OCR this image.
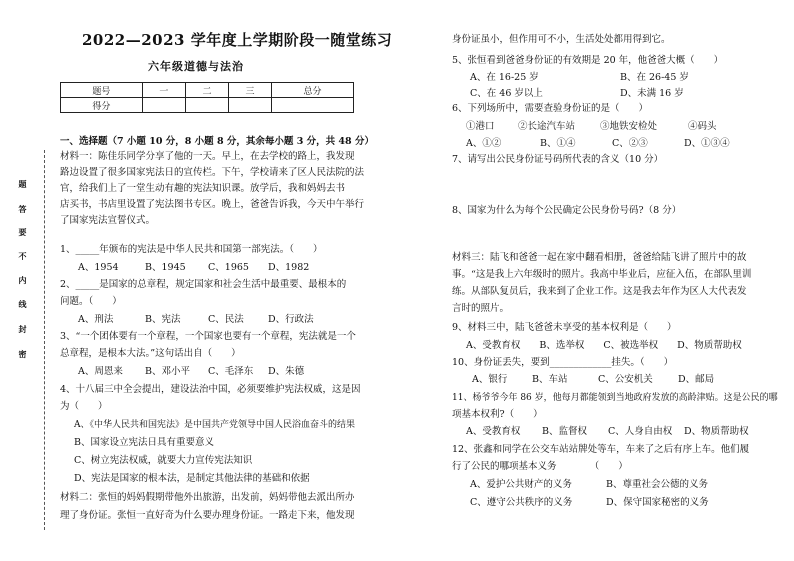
题
答
要
不
内
线
封
密
2022—2023 学年度上学期阶段一随堂练习
六年级道德与法治
题号	一	二	三	总分
得分				
一、选择题（7 小题 10 分，8 小题 8 分，其余每小题 3 分，共 48 分）
材料一：陈佳乐同学分享了他的一天。早上，在去学校的路上，我发现
路边设置了很多国家宪法日的宣传栏。下午，学校请来了区人民法院的法
官，给我们上了一堂生动有趣的宪法知识课。放学后，我和妈妈去书
店买书，书店里设置了宪法图书专区。晚上，爸爸告诉我，今天中午举行
了国家宪法宣誓仪式。
1、_____年颁布的宪法是中华人民共和国第一部宪法。（　　）
A、1954	B、1945 C、1965 D、1982
2、_____是国家的总章程，规定国家和社会生活中最重要、最根本的
问题。（　　）
A、刑法	B、宪法	C、民法	D、行政法
3、“一个团体要有一个章程，一个国家也要有一个章程，宪法就是一个
总章程，是根本大法。”这句话出自（　　）
A、周恩来 B、邓小平 C、毛泽东 D、朱德
4、十八届三中全会提出，建设法治中国，必须要维护宪法权威，这是因
为（　　）
A、《中华人民共和国宪法》是中国共产党领导中国人民浴血奋斗的结果
B、国家设立宪法日具有重要意义
C、树立宪法权威，就要大力宣传宪法知识
D、宪法是国家的根本法，是制定其他法律的基础和依据
材料二：张恒的妈妈假期带他外出旅游，出发前，妈妈带他去派出所办
理了身份证。张恒一直好奇为什么要办理身份证。一路走下来，他发现
身份证虽小，但作用可不小，生活处处都用得到它。
5、张恒看到爸爸身份证的有效期是 20 年，他爸爸大概（　　）
A、在 16-25 岁	B、在 26-45 岁
C、在 46 岁以上	D、未满 16 岁
6、下列场所中，需要查验身份证的是（　　）
①港口 ②长途汽车站	③地铁安检处	④码头
A、①②	B、①④	C、②③	D、①③④
7、请写出公民身份证号码所代表的含义（10 分）
8、国家为什么为每个公民确定公民身份号码?（8 分）
材料三：陆飞和爸爸一起在家中翻看相册，爸爸给陆飞讲了照片中的故
事。“这是我上六年级时的照片。我高中毕业后，应征入伍，在部队里训
练。从部队复员后，我来到了企业工作。这是我去年作为区人大代表发
言时的照片。
9、材料三中，陆飞爸爸未享受的基本权利是（　　）
A、受教育权　　B、选举权　　C、被选举权　　D、物质帮助权
10、身份证丢失，要到_____________挂失。（　　）
A、银行	B、车站	C、公安机关	D、邮局
11、杨爷爷今年 86 岁，他每月都能领到当地政府发放的高龄津贴。这是公民的哪
项基本权利?（　　）
A、受教育权 B、监督权 C、人身自由权 D、物质帮助权
12、张鑫和同学在公交车站站牌处等车，车来了之后有序上车。他们履
行了公民的哪项基本义务　　　　（　　）
A、爱护公共财产的义务	B、尊重社会公德的义务
C、遵守公共秩序的义务	D、保守国家秘密的义务
